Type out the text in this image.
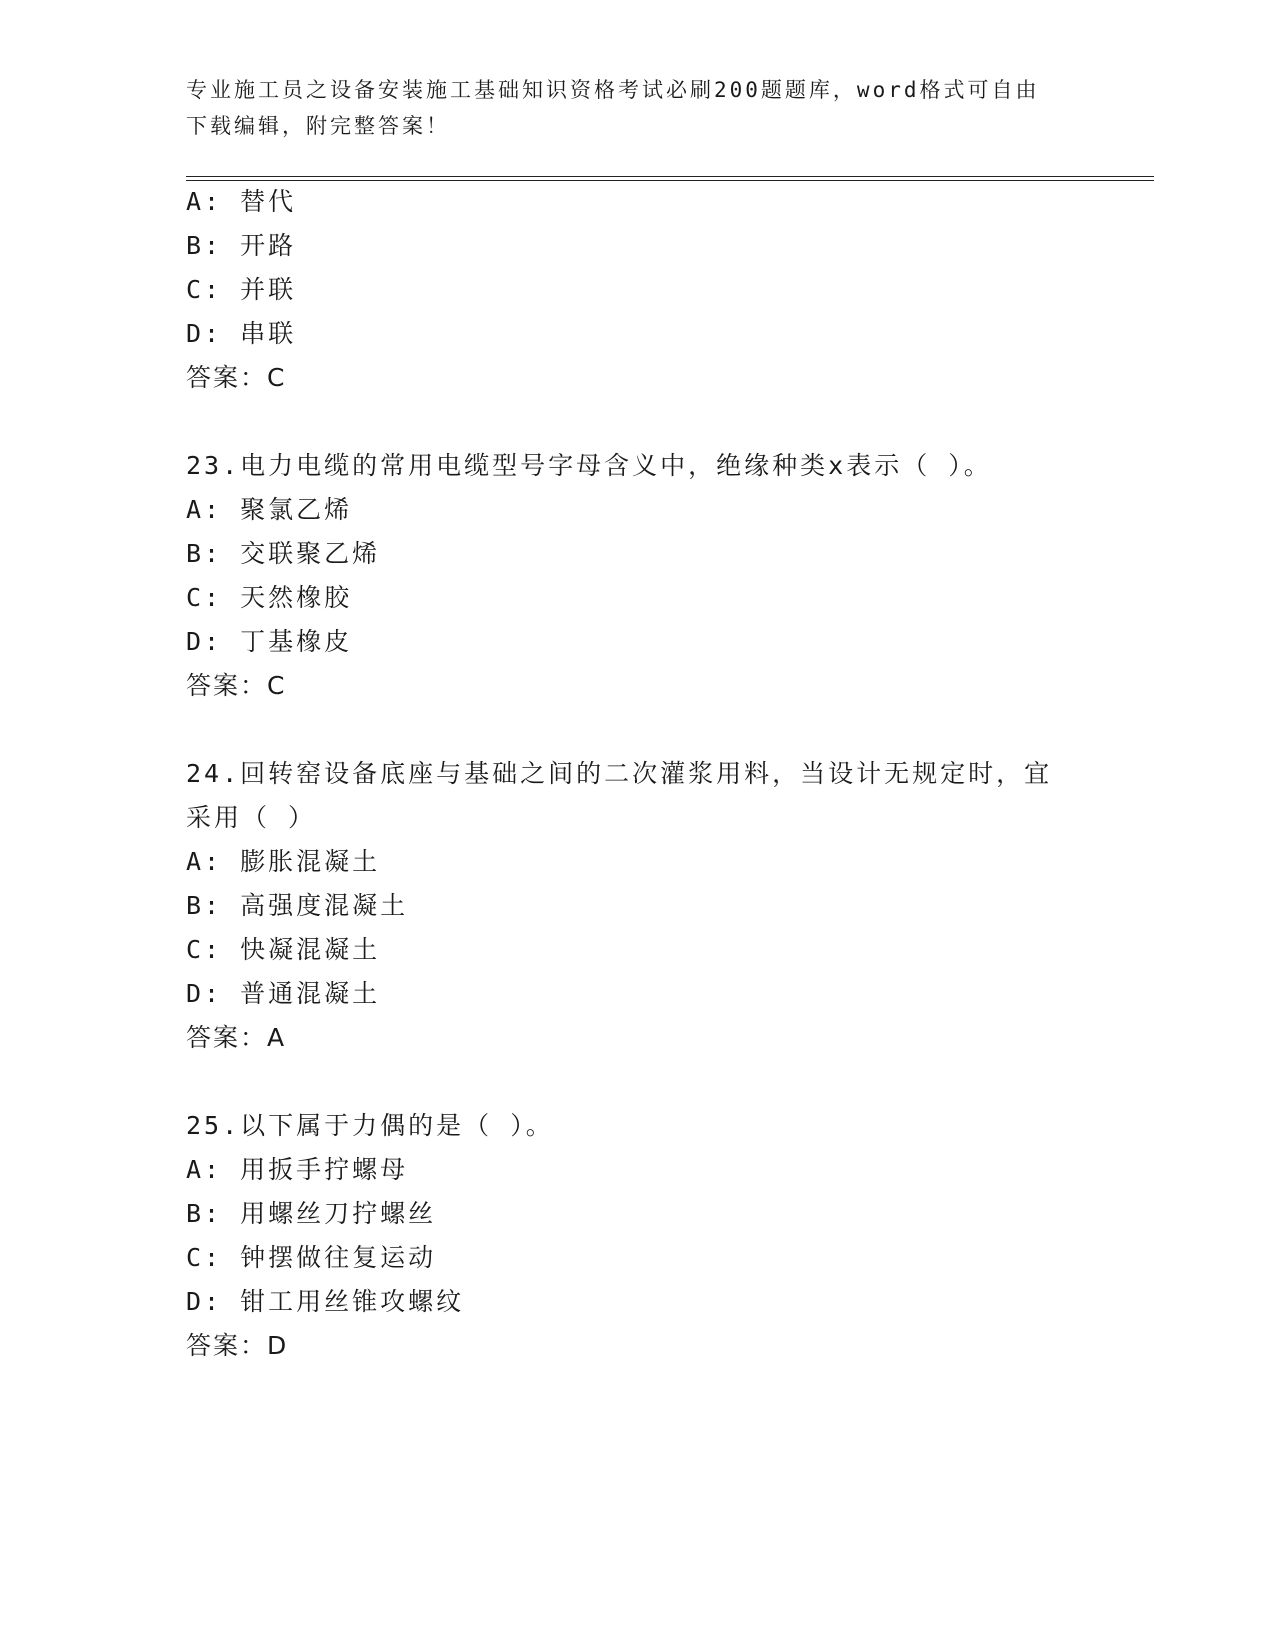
专业施工员之设备安装施工基础知识资格考试必刷200题题库，word格式可自由
下载编辑，附完整答案！
A: 替代
B: 开路
C: 并联
D: 串联
答案：C
23.电力电缆的常用电缆型号字母含义中，绝缘种类x表示（ ）。
A: 聚氯乙烯
B: 交联聚乙烯
C: 天然橡胶
D: 丁基橡皮
答案：C
24.回转窑设备底座与基础之间的二次灌浆用料，当设计无规定时，宜
采用（ ）
A: 膨胀混凝土
B: 高强度混凝土
C: 快凝混凝土
D: 普通混凝土
答案：A
25.以下属于力偶的是（ ）。
A: 用扳手拧螺母
B: 用螺丝刀拧螺丝
C: 钟摆做往复运动
D: 钳工用丝锥攻螺纹
答案：D
